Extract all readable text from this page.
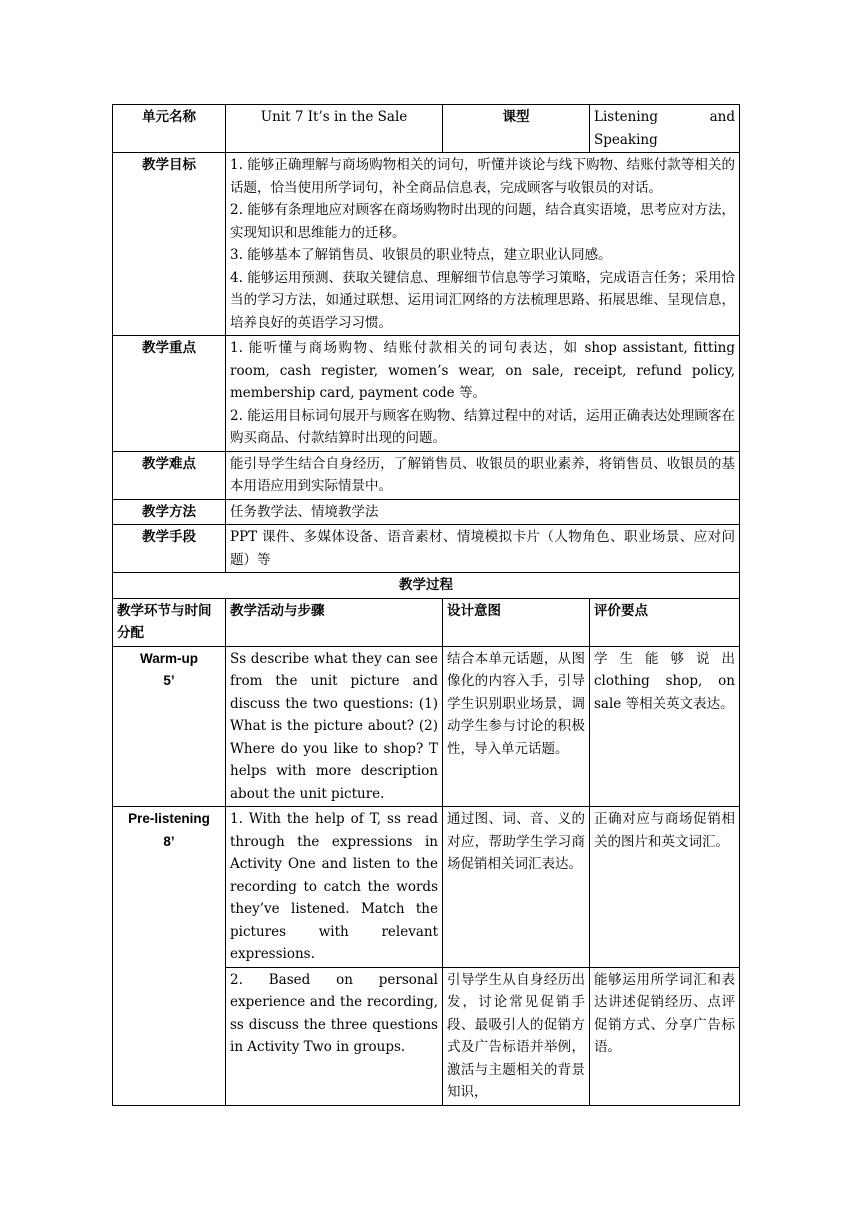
单元名称	Unit 7 It’s in the Sale	课型	Listening and Speaking
教学目标	1. 能够正确理解与商场购物相关的词句，听懂并谈论与线下购物、结账付款等相关的话题，恰当使用所学词句，补全商品信息表，完成顾客与收银员的对话。
2. 能够有条理地应对顾客在商场购物时出现的问题，结合真实语境，思考应对方法，实现知识和思维能力的迁移。
3. 能够基本了解销售员、收银员的职业特点，建立职业认同感。
4. 能够运用预测、获取关键信息、理解细节信息等学习策略，完成语言任务；采用恰当的学习方法，如通过联想、运用词汇网络的方法梳理思路、拓展思维、呈现信息，培养良好的英语学习习惯。		

教学重点	1. 能听懂与商场购物、结账付款相关的词句表达，如 shop assistant, fitting room, cash register, women’s wear, on sale, receipt, refund policy, membership card, payment code 等。
2. 能运用目标词句展开与顾客在购物、结算过程中的对话，运用正确表达处理顾客在购买商品、付款结算时出现的问题。		

教学难点	能引导学生结合自身经历，了解销售员、收银员的职业素养，将销售员、收银员的基本用语应用到实际情景中。		
教学方法	任务教学法、情境教学法		
教学手段	PPT 课件、多媒体设备、语音素材、情境模拟卡片（人物角色、职业场景、应对问题）等		
教学过程			
教学环节与时间分配	教学活动与步骤	设计意图	评价要点

Warm-up
5’	Ss describe what they can see from the unit picture and discuss the two questions: (1) What is the picture about? (2) Where do you like to shop? T helps with more description about the unit picture.	结合本单元话题，从图像化的内容入手，引导学生识别职业场景，调动学生参与讨论的积极性，导入单元话题。	学生能够说出 clothing shop, on sale 等相关英文表达。

Pre-listening
8’	1. With the help of T, ss read through the expressions in Activity One and listen to the recording to catch the words they’ve listened. Match the pictures with relevant expressions.	通过图、词、音、义的对应，帮助学生学习商场促销相关词汇表达。	正确对应与商场促销相关的图片和英文词汇。
	2. Based on personal experience and the recording, ss discuss the three questions in Activity Two in groups.	引导学生从自身经历出发，讨论常见促销手段、最吸引人的促销方式及广告标语并举例，激活与主题相关的背景知识，	能够运用所学词汇和表达讲述促销经历、点评促销方式、分享广告标语。
